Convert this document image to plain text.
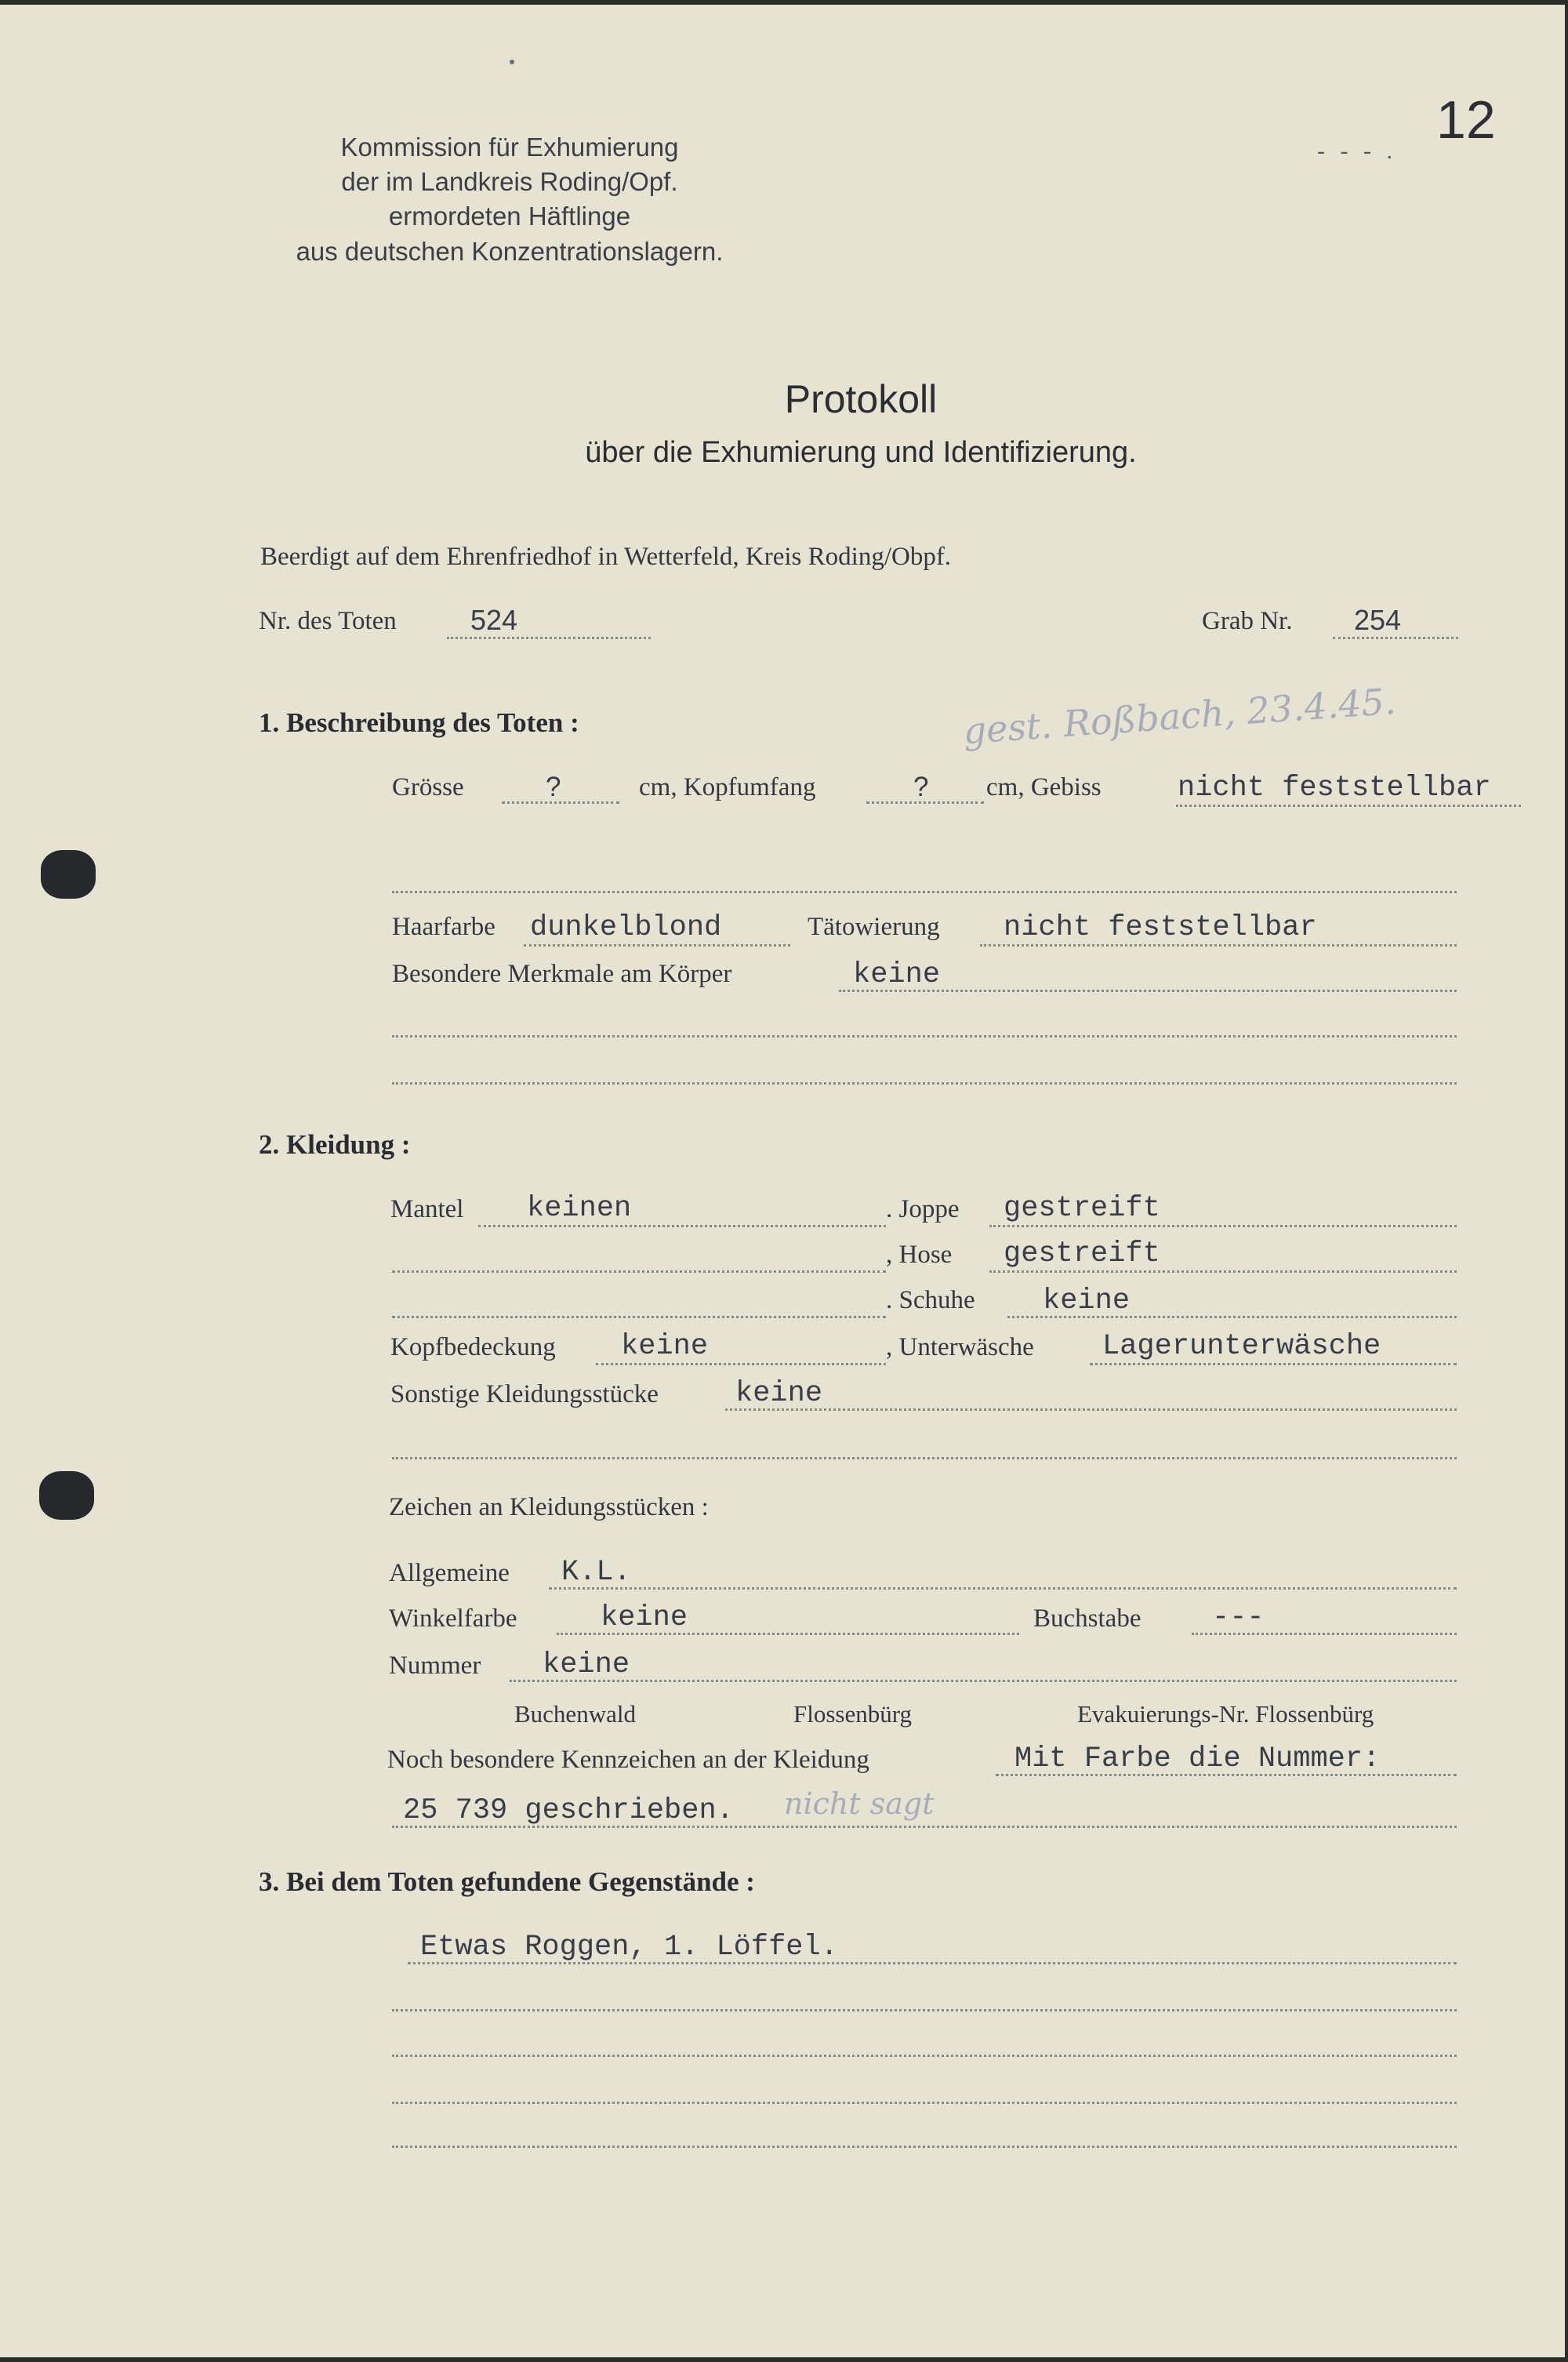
12
- - - .
Kommission für Exhumierung
der im Landkreis Roding/Opf.
ermordeten Häftlinge
aus deutschen Konzentrationslagern.
Protokoll
über die Exhumierung und Identifizierung.
Beerdigt auf dem Ehrenfriedhof in Wetterfeld, Kreis Roding/Obpf.
Nr. des Toten	524	Grab Nr. 254
1. Beschreibung des Toten :	gest. Roßbach, 23.4.45.
Grösse	?	cm, Kopfumfang	? cm, Gebiss	nicht feststellbar
Haarfarbe dunkelblond	Tätowierung nicht feststellbar
Besondere Merkmale am Körper	keine
2. Kleidung :
Mantel keinen	. Joppe gestreift
, Hose gestreift
. Schuhe keine
Kopfbedeckung keine	, Unterwäsche Lagerunterwäsche
Sonstige Kleidungsstücke	keine
Zeichen an Kleidungsstücken :
Allgemeine K.L.
Winkelfarbe	keine	Buchstabe ---
Nummer keine
Buchenwald	Flossenbürg	Evakuierungs-Nr. Flossenbürg
Noch besondere Kennzeichen an der Kleidung	Mit Farbe die Nummer:
25 739 geschrieben. nicht sagt
3. Bei dem Toten gefundene Gegenstände :
Etwas Roggen, 1. Löffel.
